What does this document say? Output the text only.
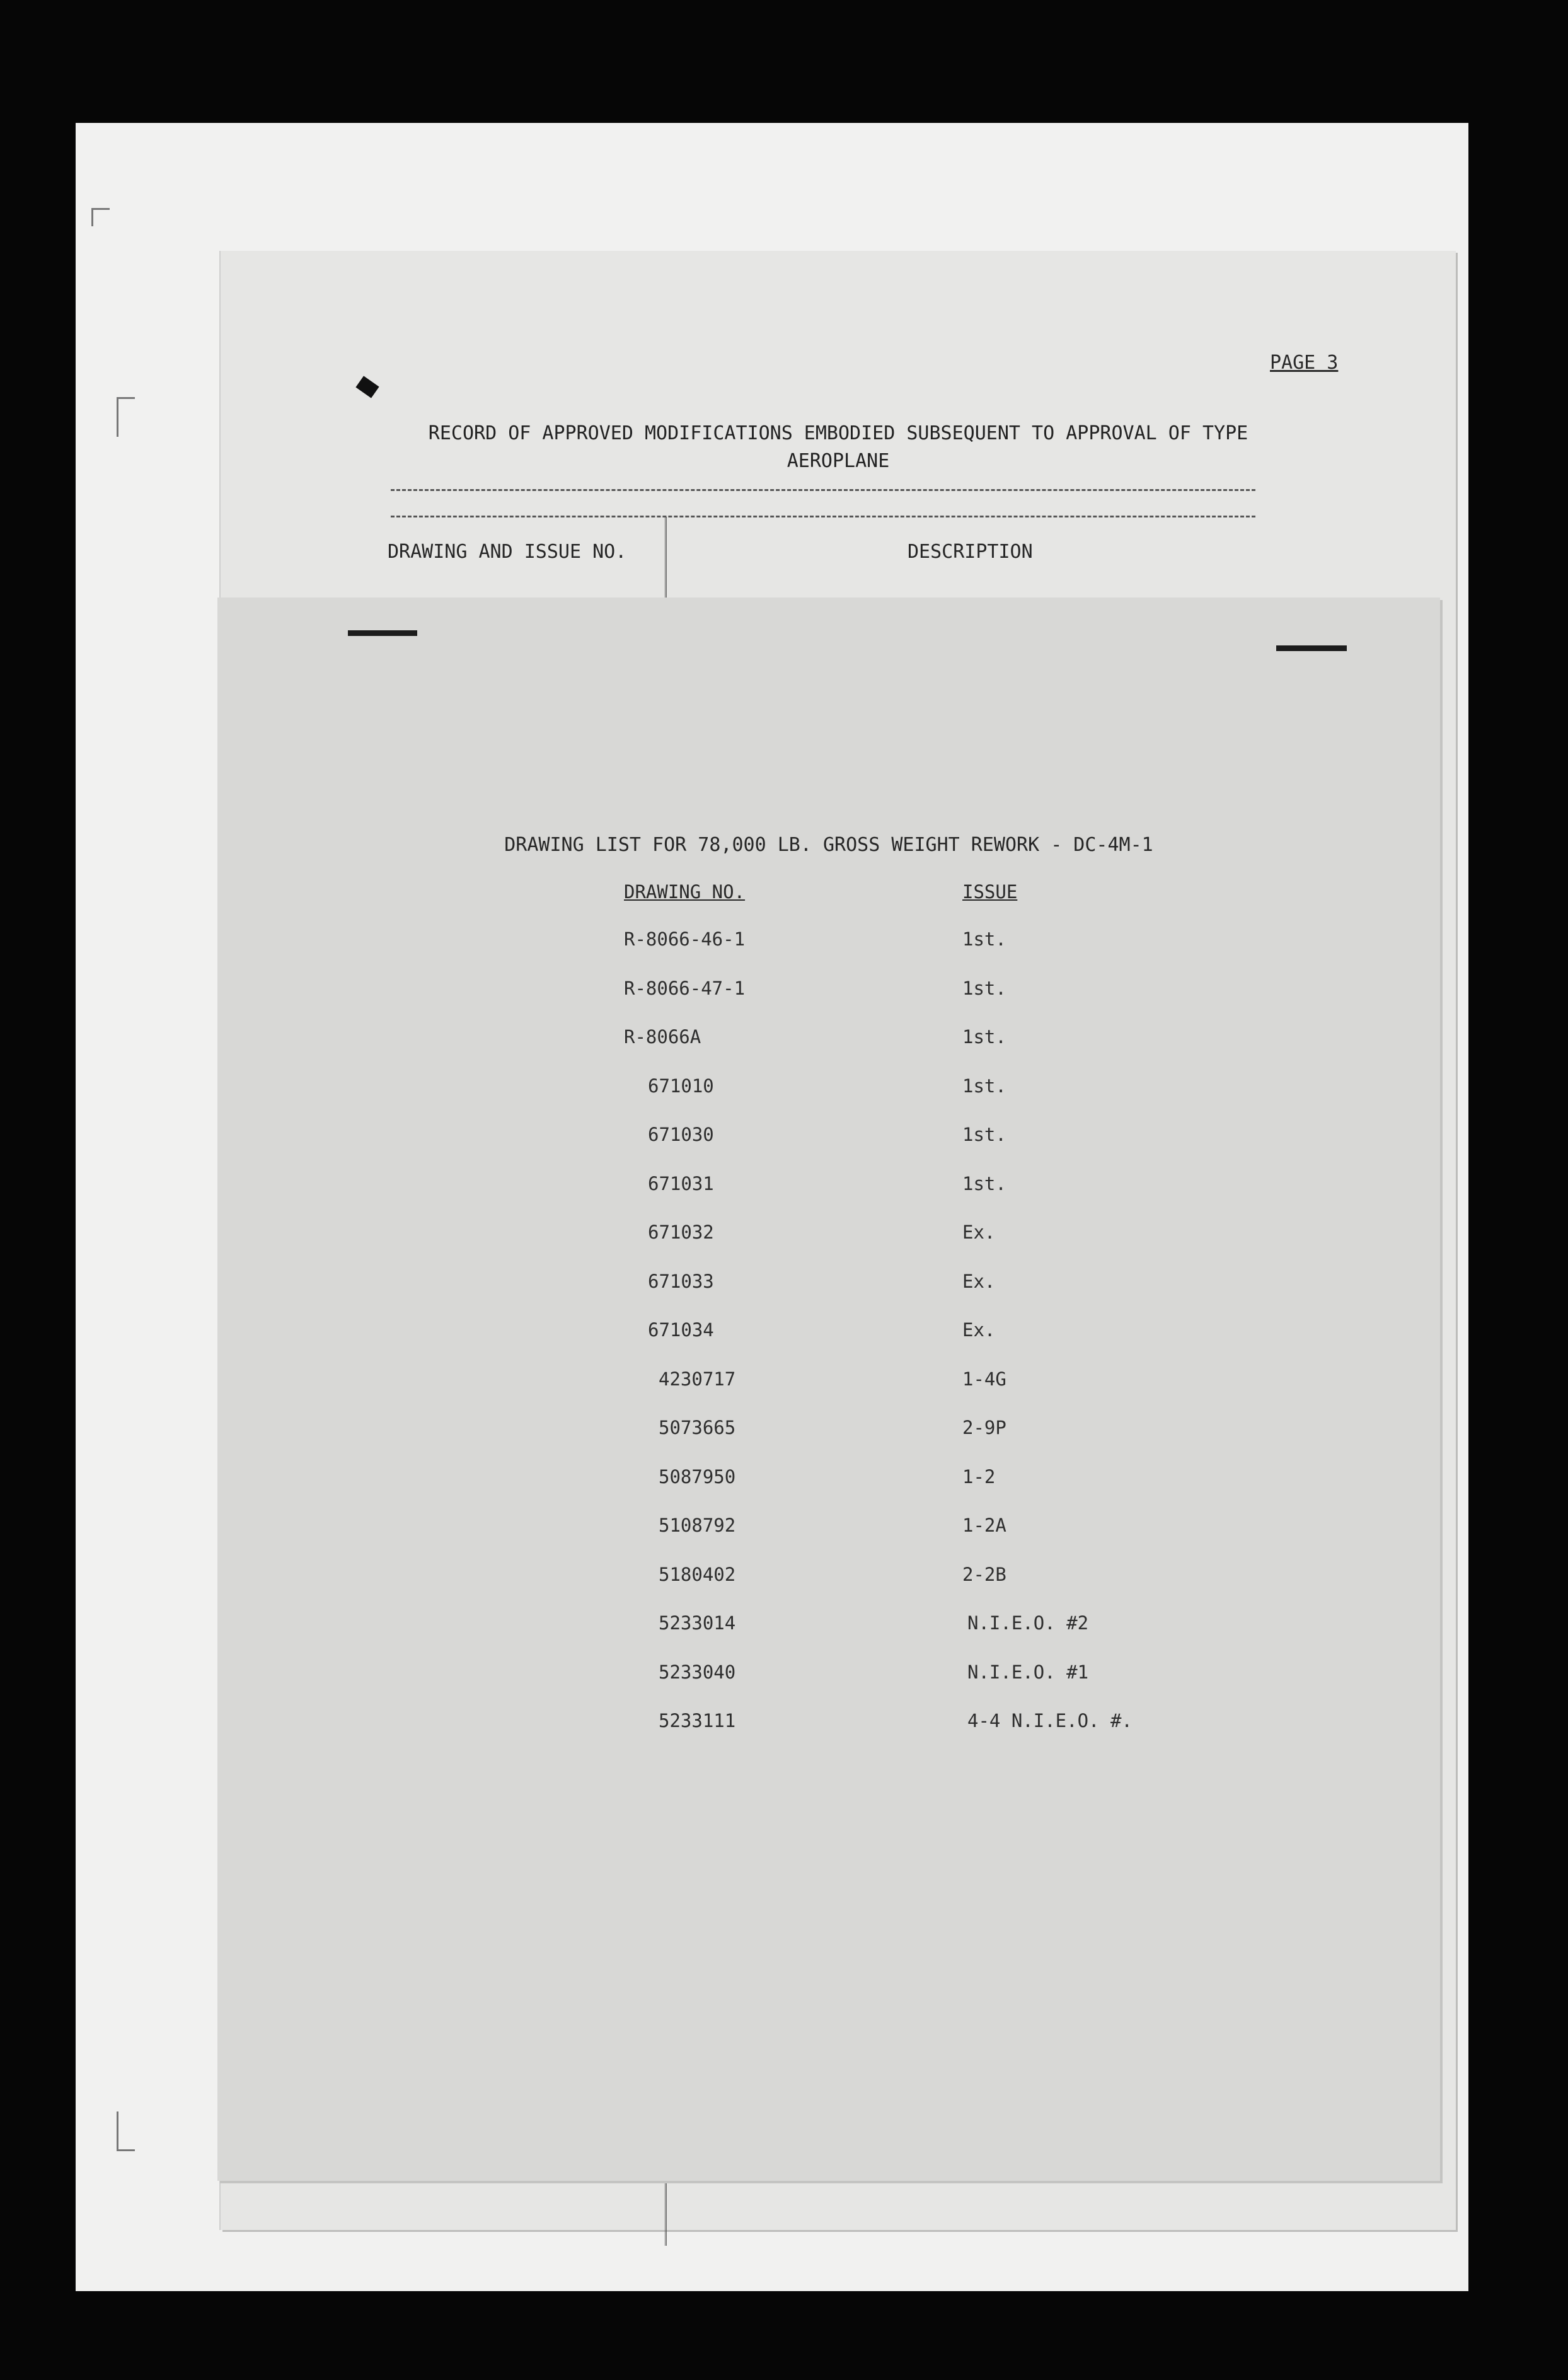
PAGE 3
RECORD OF APPROVED MODIFICATIONS EMBODIED SUBSEQUENT TO APPROVAL OF TYPE
AEROPLANE
DRAWING AND ISSUE NO.	DESCRIPTION
DRAWING LIST FOR 78,000 LB. GROSS WEIGHT REWORK - DC-4M-1
DRAWING NO.	ISSUE
R-8066-46-1	1st.
R-8066-47-1	1st.
R-8066A	1st.
671010	1st.
671030	1st.
671031	1st.
671032	Ex.
671033	Ex.
671034	Ex.
4230717	1-4G
5073665	2-9P
5087950	1-2
5108792	1-2A
5180402	2-2B
5233014	N.I.E.O. #2
5233040	N.I.E.O. #1
5233111	4-4 N.I.E.O. #.
